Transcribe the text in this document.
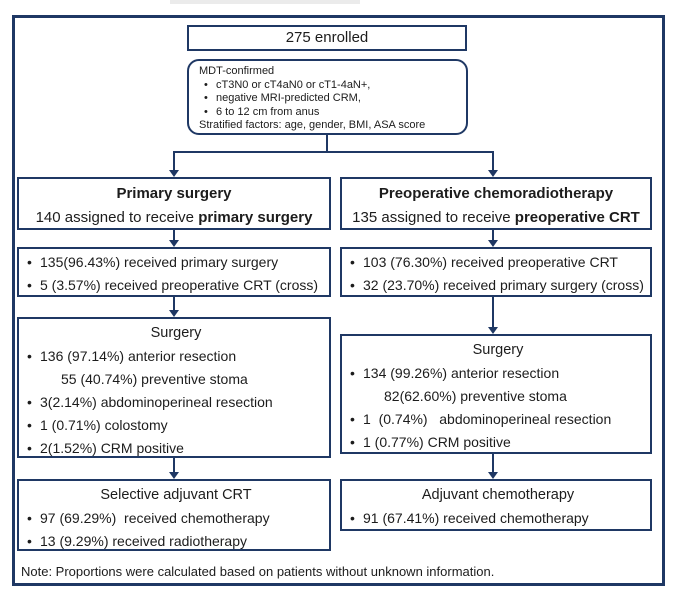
275 enrolled
MDT-confirmed
• cT3N0 or cT4aN0 or cT1-4aN+,
• negative MRI-predicted CRM,
• 6 to 12 cm from anus
Stratified factors: age, gender, BMI, ASA score
Primary surgery
140 assigned to receive primary surgery
• 135(96.43%) received primary surgery
• 5 (3.57%) received preoperative CRT (cross)
Surgery
• 136 (97.14%) anterior resection
55 (40.74%) preventive stoma
• 3(2.14%) abdominoperineal resection
• 1 (0.71%) colostomy
• 2(1.52%) CRM positive
Selective adjuvant CRT
• 97 (69.29%)  received chemotherapy
• 13 (9.29%) received radiotherapy
Preoperative chemoradiotherapy
135 assigned to receive preoperative CRT
• 103 (76.30%) received preoperative CRT
• 32 (23.70%) received primary surgery (cross)
Surgery
• 134 (99.26%) anterior resection
82(62.60%) preventive stoma
• 1  (0.74%)   abdominoperineal resection
• 1 (0.77%) CRM positive
Adjuvant chemotherapy
• 91 (67.41%) received chemotherapy
Note: Proportions were calculated based on patients without unknown information.
